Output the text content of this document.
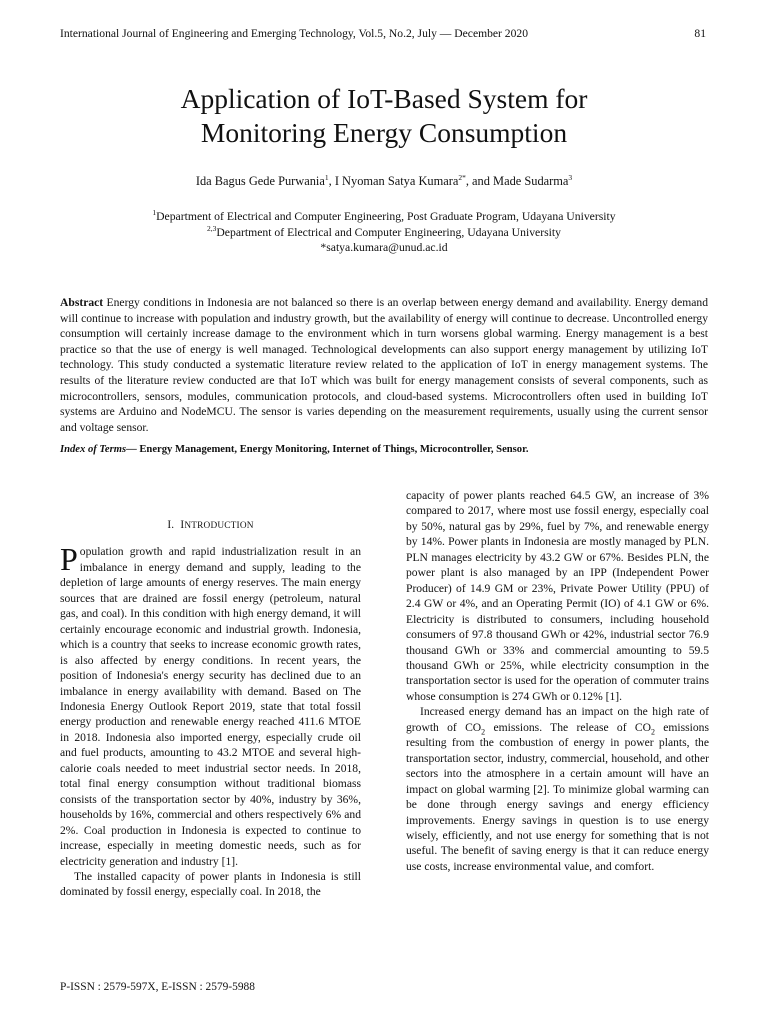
International Journal of Engineering and Emerging Technology, Vol.5, No.2, July — December 2020	81
Application of IoT-Based System for
Monitoring Energy Consumption
Ida Bagus Gede Purwania$^1$, I Nyoman Satya Kumara$^{2*}$, and Made Sudarma$^3$
$^1$Department of Electrical and Computer Engineering, Post Graduate Program, Udayana University
$^{2,3}$Department of Electrical and Computer Engineering, Udayana University
*satya.kumara@unud.ac.id
Abstract Energy conditions in Indonesia are not balanced so there is an overlap between energy demand and availability. Energy demand will continue to increase with population and industry growth, but the availability of energy will continue to decrease. Uncontrolled energy consumption will certainly increase damage to the environment which in turn worsens global warming. Energy management is a best practice so that the use of energy is well managed. Technological developments can also support energy management by utilizing IoT technology. This study conducted a systematic literature review related to the application of IoT in energy management systems. The results of the literature review conducted are that IoT which was built for energy management consists of several components, such as microcontrollers, sensors, modules, communication protocols, and cloud-based systems. Microcontrollers often used in building IoT systems are Arduino and NodeMCU. The sensor is varies depending on the measurement requirements, usually using the current sensor and voltage sensor.
Index of Terms— Energy Management, Energy Monitoring, Internet of Things, Microcontroller, Sensor.
I. INTRODUCTION

Population growth and rapid industrialization result in an imbalance in energy demand and supply, leading to the depletion of large amounts of energy reserves. The main energy sources that are drained are fossil energy (petroleum, natural gas, and coal). In this condition with high energy demand, it will certainly encourage economic and industrial growth. Indonesia, which is a country that seeks to increase economic growth rates, is also affected by energy conditions. In recent years, the position of Indonesia's energy security has declined due to an imbalance in energy availability with demand. Based on The Indonesia Energy Outlook Report 2019, state that total fossil energy production and renewable energy reached 411.6 MTOE in 2018. Indonesia also imported energy, especially crude oil and fuel products, amounting to 43.2 MTOE and several high-calorie coals needed to meet industrial sector needs. In 2018, total final energy consumption without traditional biomass consists of the transportation sector by 40%, industry by 36%, households by 16%, commercial and others respectively 6% and 2%. Coal production in Indonesia is expected to continue to increase, especially in meeting domestic needs, such as for electricity generation and industry [1].

The installed capacity of power plants in Indonesia is still dominated by fossil energy, especially coal. In 2018, the

capacity of power plants reached 64.5 GW, an increase of 3% compared to 2017, where most use fossil energy, especially coal by 50%, natural gas by 29%, fuel by 7%, and renewable energy by 14%. Power plants in Indonesia are mostly managed by PLN. PLN manages electricity by 43.2 GW or 67%. Besides PLN, the power plant is also managed by an IPP (Independent Power Producer) of 14.9 GM or 23%, Private Power Utility (PPU) of 2.4 GW or 4%, and an Operating Permit (IO) of 4.1 GW or 6%. Electricity is distributed to consumers, including household consumers of 97.8 thousand GWh or 42%, industrial sector 76.9 thousand GWh or 33% and commercial amounting to 59.5 thousand GWh or 25%, while electricity consumption in the transportation sector is used for the operation of commuter trains whose consumption is 274 GWh or 0.12% [1].

Increased energy demand has an impact on the high rate of growth of $CO_2$ emissions. The release of $CO_2$ emissions resulting from the combustion of energy in power plants, the transportation sector, industry, commercial, household, and other sectors into the atmosphere in a certain amount will have an impact on global warming [2]. To minimize global warming can be done through energy savings and energy efficiency improvements. Energy savings in question is to use energy wisely, efficiently, and not use energy for something that is not useful. The benefit of saving energy is that it can reduce energy use costs, increase environmental value, and comfort.

P-ISSN : 2579-597X, E-ISSN : 2579-5988
